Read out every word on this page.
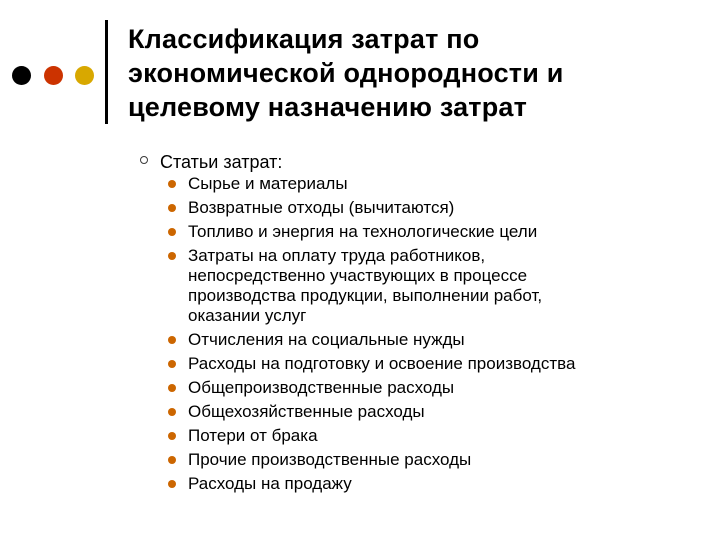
Классификация затрат по
экономической однородности и
целевому назначению затрат
Статьи затрат:
Сырье и материалы
Возвратные отходы (вычитаются)
Топливо и энергия на технологические цели
Затраты на оплату труда работников,
непосредственно участвующих в процессе
производства продукции, выполнении работ,
оказании услуг
Отчисления на социальные нужды
Расходы на подготовку и освоение производства
Общепроизводственные расходы
Общехозяйственные расходы
Потери от брака
Прочие производственные расходы
Расходы на продажу
